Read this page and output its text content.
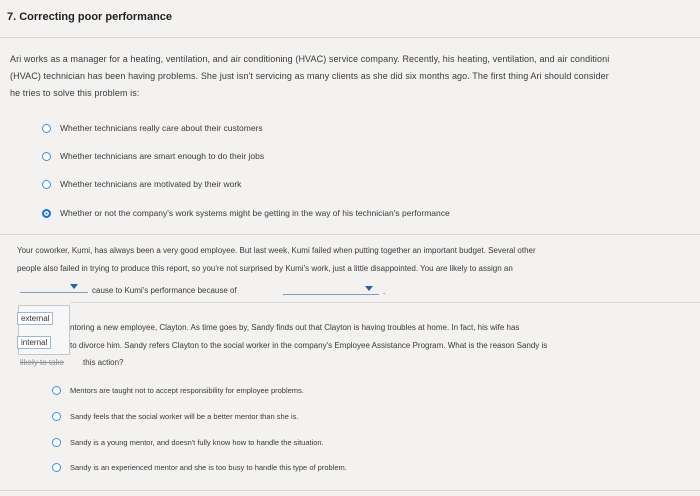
7. Correcting poor performance
Ari works as a manager for a heating, ventilation, and air conditioning (HVAC) service company. Recently, his heating, ventilation, and air conditioni
(HVAC) technician has been having problems. She just isn't servicing as many clients as she did six months ago. The first thing Ari should consider
he tries to solve this problem is:
Whether technicians really care about their customers
Whether technicians are smart enough to do their jobs
Whether technicians are motivated by their work
Whether or not the company's work systems might be getting in the way of his technician's performance
Your coworker, Kumi, has always been a very good employee. But last week, Kumi failed when putting together an important budget. Several other
people also failed in trying to produce this report, so you're not surprised by Kumi's work, just a little disappointed. You are likely to assign an
cause to Kumi's performance because of	.
ntoring a new employee, Clayton. As time goes by, Sandy finds out that Clayton is having troubles at home. In fact, his wife has
to divorce him. Sandy refers Clayton to the social worker in the company's Employee Assistance Program. What is the reason Sandy is
likely to take this action?
external
internal
Mentors are taught not to accept responsibility for employee problems.
Sandy feels that the social worker will be a better mentor than she is.
Sandy is a young mentor, and doesn't fully know how to handle the situation.
Sandy is an experienced mentor and she is too busy to handle this type of problem.
